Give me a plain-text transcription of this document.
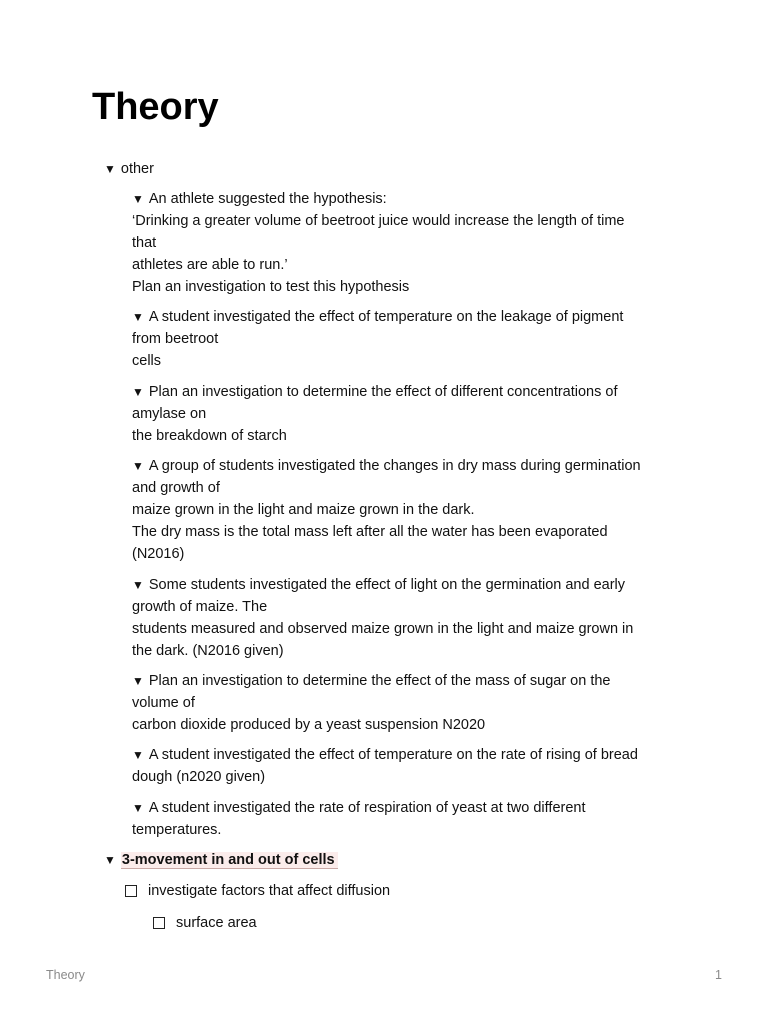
Theory
▼ other
▼ An athlete suggested the hypothesis:
‘Drinking a greater volume of beetroot juice would increase the length of time
that
athletes are able to run.’
Plan an investigation to test this hypothesis
▼ A student investigated the effect of temperature on the leakage of pigment
from beetroot
cells
▼ Plan an investigation to determine the effect of different concentrations of
amylase on
the breakdown of starch
▼ A group of students investigated the changes in dry mass during germination
and growth of
maize grown in the light and maize grown in the dark.
The dry mass is the total mass left after all the water has been evaporated
(N2016)
▼ Some students investigated the effect of light on the germination and early
growth of maize. The
students measured and observed maize grown in the light and maize grown in
the dark. (N2016 given)
▼ Plan an investigation to determine the effect of the mass of sugar on the
volume of
carbon dioxide produced by a yeast suspension N2020
▼ A student investigated the effect of temperature on the rate of rising of bread
dough (n2020 given)
▼ A student investigated the rate of respiration of yeast at two different
temperatures.
▼ 3-movement in and out of cells
investigate factors that affect diffusion
surface area
Theory	1
